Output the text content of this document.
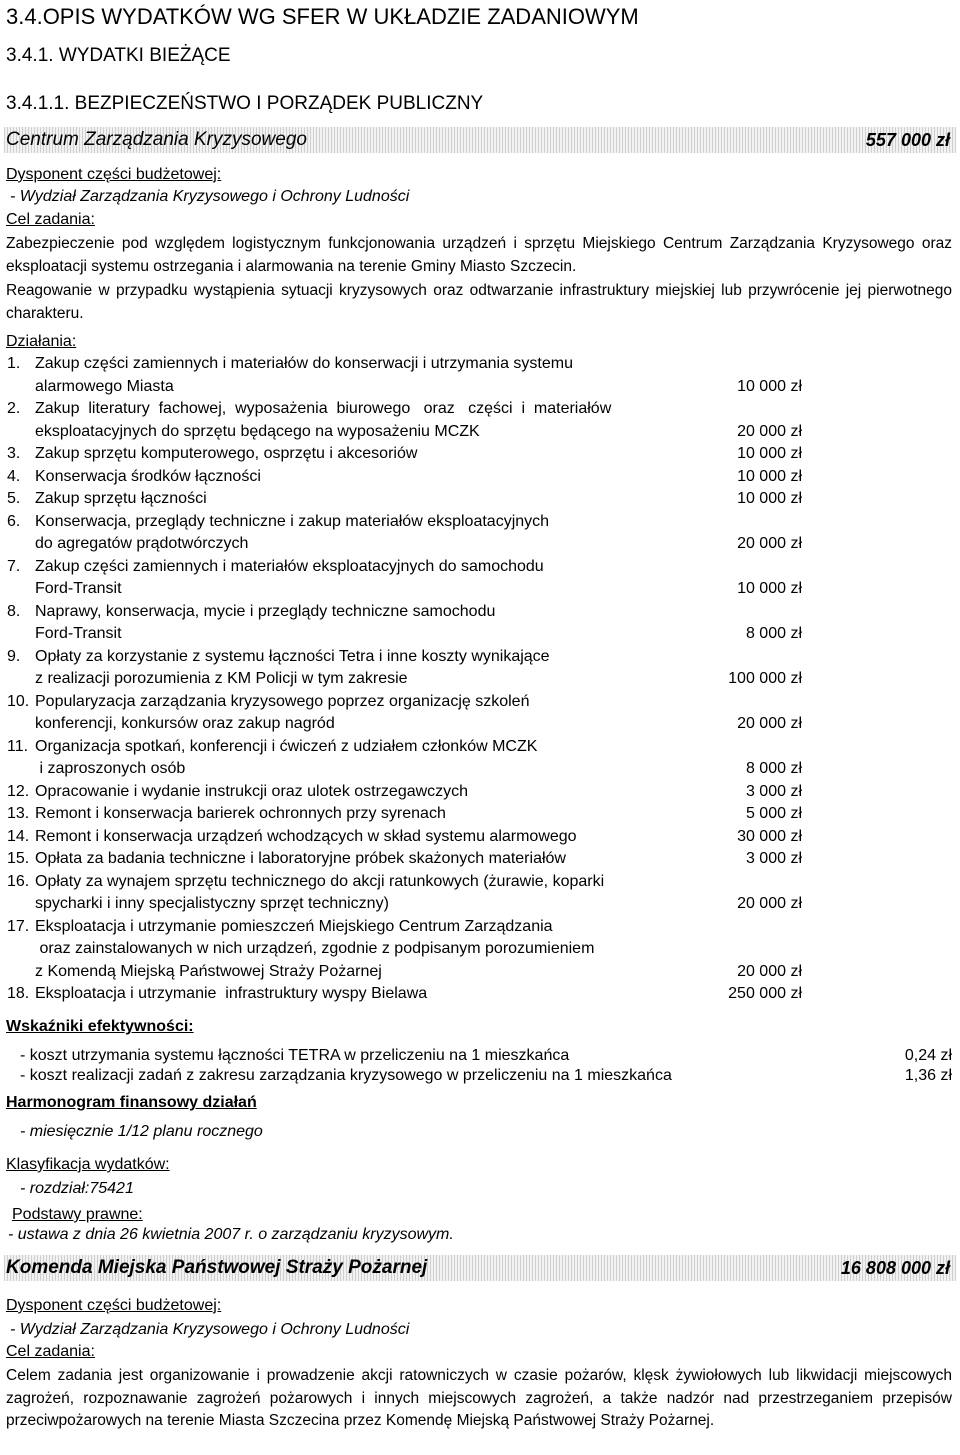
3.4.OPIS WYDATKÓW WG SFER W UKŁADZIE ZADANIOWYM
3.4.1. WYDATKI BIEŻĄCE
3.4.1.1. BEZPIECZEŃSTWO I PORZĄDEK PUBLICZNY
Centrum Zarządzania Kryzysowego	557 000 zł
Dysponent części budżetowej:
- Wydział Zarządzania Kryzysowego i Ochrony Ludności
Cel zadania:
Zabezpieczenie pod względem logistycznym funkcjonowania urządzeń i sprzętu Miejskiego Centrum Zarządzania Kryzysowego oraz eksploatacji systemu ostrzegania i alarmowania na terenie Gminy Miasto Szczecin.
Reagowanie w przypadku wystąpienia sytuacji kryzysowych oraz odtwarzanie infrastruktury miejskiej lub przywrócenie jej pierwotnego charakteru.
Działania:
1. Zakup części zamiennych i materiałów do konserwacji i utrzymania systemu
alarmowego Miasta	10 000 zł
2. Zakup  literatury  fachowej,  wyposażenia  biurowego   oraz   części  i  materiałów
eksploatacyjnych do sprzętu będącego na wyposażeniu MCZK	20 000 zł
3. Zakup sprzętu komputerowego, osprzętu i akcesoriów	10 000 zł
4. Konserwacja środków łączności	10 000 zł
5. Zakup sprzętu łączności	10 000 zł
6. Konserwacja, przeglądy techniczne i zakup materiałów eksploatacyjnych
do agregatów prądotwórczych	20 000 zł
7. Zakup części zamiennych i materiałów eksploatacyjnych do samochodu
Ford-Transit	10 000 zł
8. Naprawy, konserwacja, mycie i przeglądy techniczne samochodu
Ford-Transit	8 000 zł
9. Opłaty za korzystanie z systemu łączności Tetra i inne koszty wynikające
z realizacji porozumienia z KM Policji w tym zakresie	100 000 zł
10. Popularyzacja zarządzania kryzysowego poprzez organizację szkoleń
konferencji, konkursów oraz zakup nagród	20 000 zł
11. Organizacja spotkań, konferencji i ćwiczeń z udziałem członków MCZK
i zaproszonych osób	8 000 zł
12. Opracowanie i wydanie instrukcji oraz ulotek ostrzegawczych	3 000 zł
13. Remont i konserwacja barierek ochronnych przy syrenach	5 000 zł
14. Remont i konserwacja urządzeń wchodzących w skład systemu alarmowego	30 000 zł
15. Opłata za badania techniczne i laboratoryjne próbek skażonych materiałów	3 000 zł
16. Opłaty za wynajem sprzętu technicznego do akcji ratunkowych (żurawie, koparki
spycharki i inny specjalistyczny sprzęt techniczny)	20 000 zł
17. Eksploatacja i utrzymanie pomieszczeń Miejskiego Centrum Zarządzania
oraz zainstalowanych w nich urządzeń, zgodnie z podpisanym porozumieniem
z Komendą Miejską Państwowej Straży Pożarnej	20 000 zł
18. Eksploatacja i utrzymanie  infrastruktury wyspy Bielawa	250 000 zł
Wskaźniki efektywności:
- koszt utrzymania systemu łączności TETRA w przeliczeniu na 1 mieszkańca	0,24 zł
- koszt realizacji zadań z zakresu zarządzania kryzysowego w przeliczeniu na 1 mieszkańca	1,36 zł
Harmonogram finansowy działań
- miesięcznie 1/12 planu rocznego
Klasyfikacja wydatków:
- rozdział:75421
Podstawy prawne:
- ustawa z dnia 26 kwietnia 2007 r. o zarządzaniu kryzysowym.
Komenda Miejska Państwowej Straży Pożarnej	16 808 000 zł
Dysponent części budżetowej:
- Wydział Zarządzania Kryzysowego i Ochrony Ludności
Cel zadania:
Celem zadania jest organizowanie i prowadzenie akcji ratowniczych w czasie pożarów, klęsk żywiołowych lub likwidacji miejscowych zagrożeń, rozpoznawanie zagrożeń pożarowych i innych miejscowych zagrożeń, a także nadzór nad przestrzeganiem przepisów przeciwpożarowych na terenie Miasta Szczecina przez Komendę Miejską Państwowej Straży Pożarnej.
